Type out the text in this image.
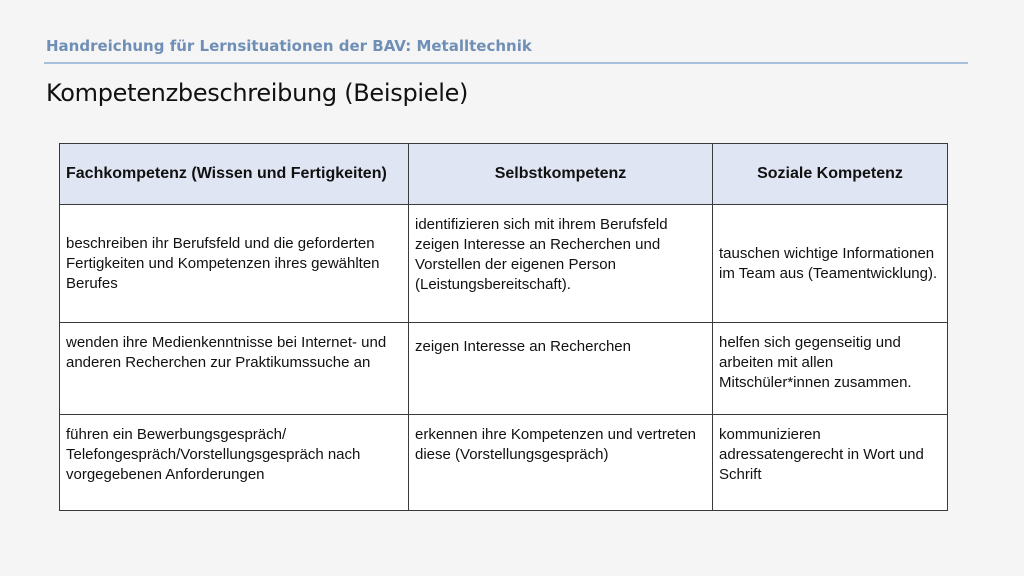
Handreichung für Lernsituationen der BAV: Metalltechnik
Kompetenzbeschreibung (Beispiele)
Fachkompetenz (Wissen und Fertigkeiten)	Selbstkompetenz	Soziale Kompetenz
beschreiben ihr Berufsfeld und die geforderten Fertigkeiten und Kompetenzen ihres gewählten Berufes	identifizieren sich mit ihrem Berufsfeld zeigen Interesse an Recherchen und Vorstellen der eigenen Person (Leistungsbereitschaft).	tauschen wichtige Informationen im Team aus (Teamentwicklung).
wenden ihre Medienkenntnisse bei Internet- und anderen Recherchen zur Praktikumssuche an	zeigen Interesse an Recherchen	helfen sich gegenseitig und arbeiten mit allen Mitschüler*innen zusammen.
führen ein Bewerbungsgespräch/ Telefongespräch/Vorstellungsgespräch nach vorgegebenen Anforderungen	erkennen ihre Kompetenzen und vertreten diese (Vorstellungsgespräch)	kommunizieren adressatengerecht in Wort und Schrift
